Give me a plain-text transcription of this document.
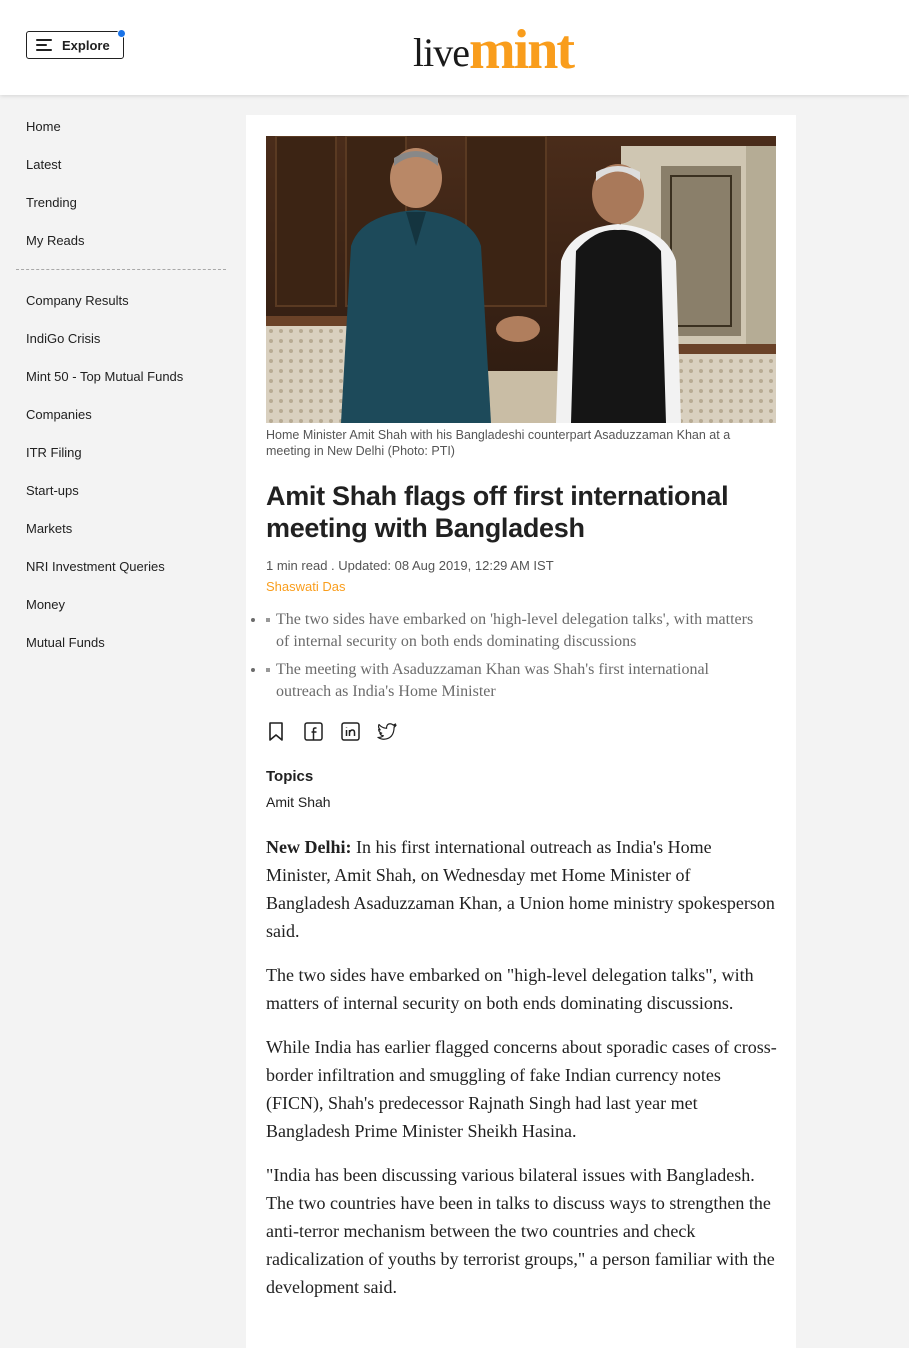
Explore	live mint
Home
Latest
Trending
My Reads
Company Results
IndiGo Crisis
Mint 50 - Top Mutual Funds
Companies
ITR Filing
Start-ups
Markets
NRI Investment Queries
Money
Mutual Funds

Home Minister Amit Shah with his Bangladeshi counterpart Asaduzzaman Khan at a meeting in New Delhi (Photo: PTI)

Amit Shah flags off first international meeting with Bangladesh
1 min read . Updated: 08 Aug 2019, 12:29 AM IST
Shaswati Das
• The two sides have embarked on 'high-level delegation talks', with matters of internal security on both ends dominating discussions
• The meeting with Asaduzzaman Khan was Shah's first international outreach as India's Home Minister
Topics
Amit Shah

New Delhi: In his first international outreach as India's Home Minister, Amit Shah, on Wednesday met Home Minister of Bangladesh Asaduzzaman Khan, a Union home ministry spokesperson said.

The two sides have embarked on "high-level delegation talks", with matters of internal security on both ends dominating discussions.

While India has earlier flagged concerns about sporadic cases of cross-border infiltration and smuggling of fake Indian currency notes (FICN), Shah's predecessor Rajnath Singh had last year met Bangladesh Prime Minister Sheikh Hasina.

"India has been discussing various bilateral issues with Bangladesh. The two countries have been in talks to discuss ways to strengthen the anti-terror mechanism between the two countries and check radicalization of youths by terrorist groups," a person familiar with the development said.
